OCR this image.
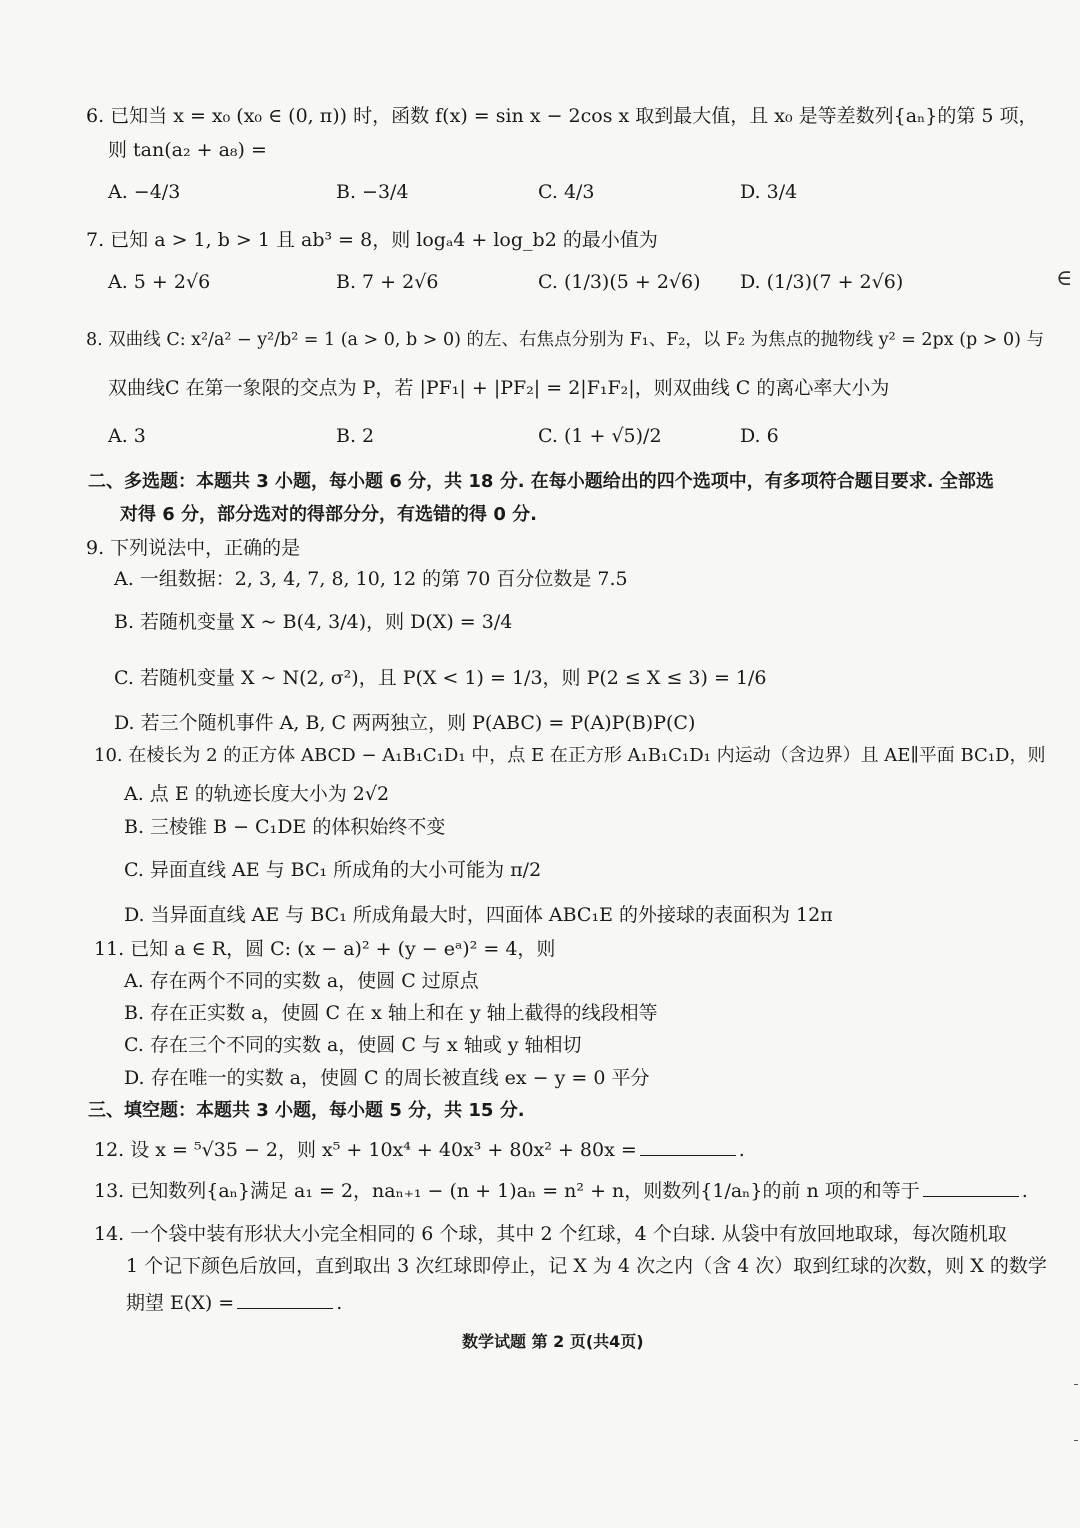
6. 已知当 x = x₀ (x₀ ∈ (0, π)) 时，函数 f(x) = sin x − 2cos x 取到最大值，且 x₀ 是等差数列{aₙ}的第 5 项，
则 tan(a₂ + a₈) =
A. −4/3	B. −3/4	C. 4/3	D. 3/4
7. 已知 a > 1, b > 1 且 ab³ = 8，则 logₐ4 + log_b2 的最小值为
A. 5 + 2√6	B. 7 + 2√6	C. (1/3)(5 + 2√6) D. (1/3)(7 + 2√6)	∈
8. 双曲线 C: x²/a² − y²/b² = 1 (a > 0, b > 0) 的左、右焦点分别为 F₁、F₂，以 F₂ 为焦点的抛物线 y² = 2px (p > 0) 与
双曲线C 在第一象限的交点为 P，若 |PF₁| + |PF₂| = 2|F₁F₂|，则双曲线 C 的离心率大小为
A. 3	B. 2	C. (1 + √5)/2	D. 6
二、多选题：本题共 3 小题，每小题 6 分，共 18 分. 在每小题给出的四个选项中，有多项符合题目要求. 全部选
对得 6 分，部分选对的得部分分，有选错的得 0 分.
9. 下列说法中，正确的是
A. 一组数据：2, 3, 4, 7, 8, 10, 12 的第 70 百分位数是 7.5
B. 若随机变量 X ~ B(4, 3/4)，则 D(X) = 3/4
C. 若随机变量 X ~ N(2, σ²)，且 P(X < 1) = 1/3，则 P(2 ≤ X ≤ 3) = 1/6
D. 若三个随机事件 A, B, C 两两独立，则 P(ABC) = P(A)P(B)P(C)
10. 在棱长为 2 的正方体 ABCD − A₁B₁C₁D₁ 中，点 E 在正方形 A₁B₁C₁D₁ 内运动（含边界）且 AE∥平面 BC₁D，则
A. 点 E 的轨迹长度大小为 2√2
B. 三棱锥 B − C₁DE 的体积始终不变
C. 异面直线 AE 与 BC₁ 所成角的大小可能为 π/2
D. 当异面直线 AE 与 BC₁ 所成角最大时，四面体 ABC₁E 的外接球的表面积为 12π
11. 已知 a ∈ R，圆 C: (x − a)² + (y − eᵃ)² = 4，则
A. 存在两个不同的实数 a，使圆 C 过原点
B. 存在正实数 a，使圆 C 在 x 轴上和在 y 轴上截得的线段相等
C. 存在三个不同的实数 a，使圆 C 与 x 轴或 y 轴相切
D. 存在唯一的实数 a，使圆 C 的周长被直线 ex − y = 0 平分
三、填空题：本题共 3 小题，每小题 5 分，共 15 分.
12. 设 x = ⁵√35 − 2，则 x⁵ + 10x⁴ + 40x³ + 80x² + 80x =	.
13. 已知数列{aₙ}满足 a₁ = 2，naₙ₊₁ − (n + 1)aₙ = n² + n，则数列{1/aₙ}的前 n 项的和等于	.
14. 一个袋中装有形状大小完全相同的 6 个球，其中 2 个红球，4 个白球. 从袋中有放回地取球，每次随机取
1 个记下颜色后放回，直到取出 3 次红球即停止，记 X 为 4 次之内（含 4 次）取到红球的次数，则 X 的数学
期望 E(X) =	.
数学试题 第 2 页(共4页)
